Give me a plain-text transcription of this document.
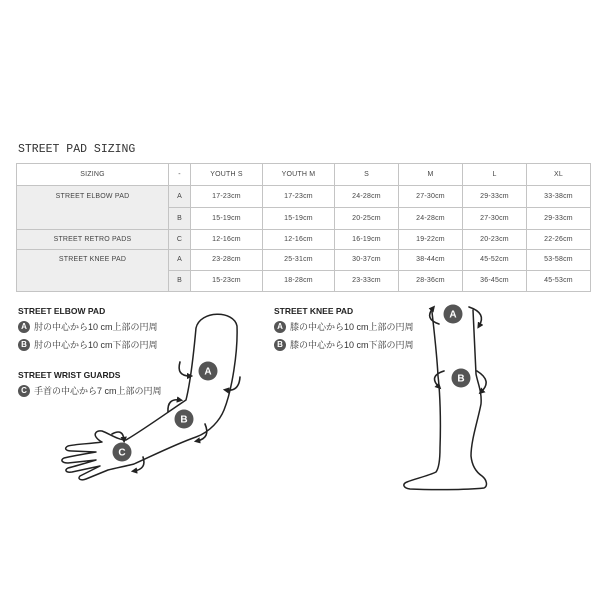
STREET PAD SIZING
SIZING	-	YOUTH S	YOUTH M	S	M	L	XL
STREET ELBOW PAD	A	17-23cm	17-23cm	24-28cm	27-30cm	29-33cm	33-38cm
	B	15-19cm	15-19cm	20-25cm	24-28cm	27-30cm	29-33cm
STREET RETRO PADS	C	12-16cm	12-16cm	16-19cm	19-22cm	20-23cm	22-26cm
STREET KNEE PAD	A	23-28cm	25-31cm	30-37cm	38-44cm	45-52cm	53-58cm
	B	15-23cm	18-28cm	23-33cm	28-36cm	36-45cm	45-53cm
STREET ELBOW PAD
A 肘の中心から10 cm上部の円周
B 肘の中心から10 cm下部の円周
STREET WRIST GUARDS
C 手首の中心から7 cm上部の円周
STREET KNEE PAD
A 膝の中心から10 cm上部の円周
B 膝の中心から10 cm下部の円周
A
B
C
A
B
